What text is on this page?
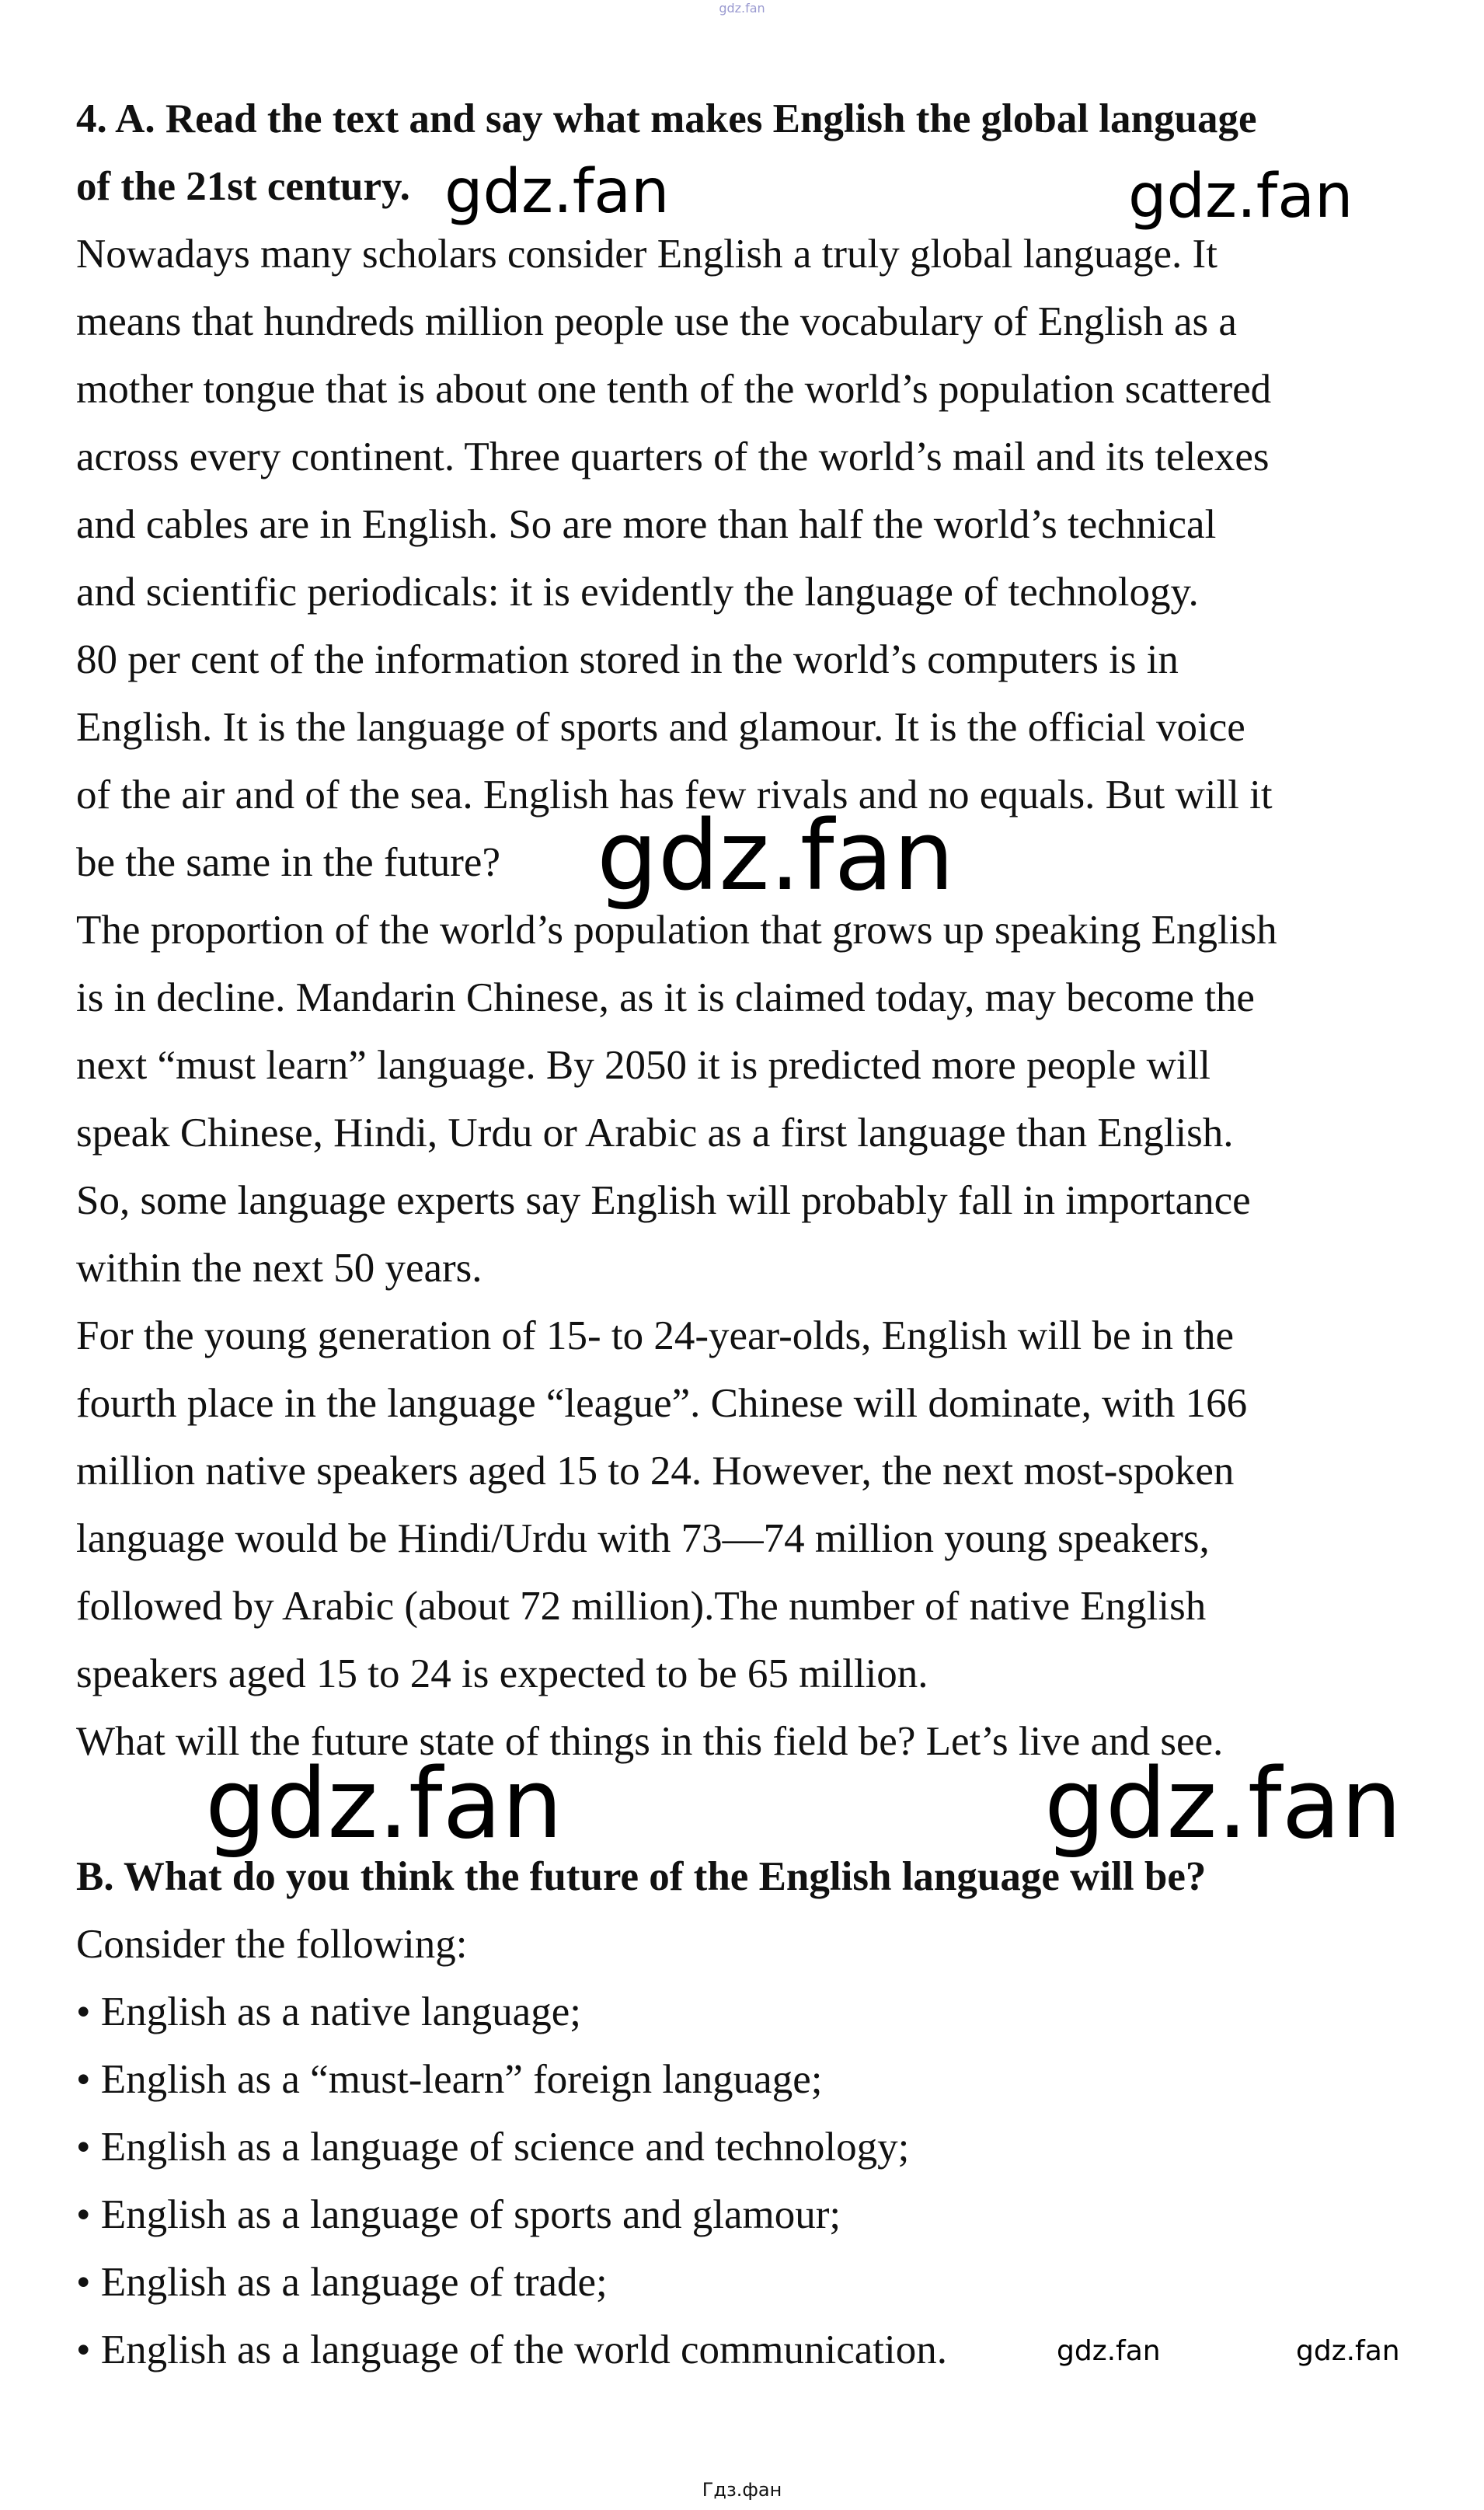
gdz.fan
4. A. Read the text and say what makes English the global language
of the 21st century.
Nowadays many scholars consider English a truly global language. It
means that hundreds million people use the vocabulary of English as a
mother tongue that is about one tenth of the world’s population scattered
across every continent. Three quarters of the world’s mail and its telexes
and cables are in English. So are more than half the world’s technical
and scientific periodicals: it is evidently the language of technology.
80 per cent of the information stored in the world’s computers is in
English. It is the language of sports and glamour. It is the official voice
of the air and of the sea. English has few rivals and no equals. But will it
be the same in the future?
The proportion of the world’s population that grows up speaking English
is in decline. Mandarin Chinese, as it is claimed today, may become the
next “must learn” language. By 2050 it is predicted more people will
speak Chinese, Hindi, Urdu or Arabic as a first language than English.
So, some language experts say English will probably fall in importance
within the next 50 years.
For the young generation of 15- to 24-year-olds, English will be in the
fourth place in the language “league”. Chinese will dominate, with 166
million native speakers aged 15 to 24. However, the next most-spoken
language would be Hindi/Urdu with 73—74 million young speakers,
followed by Arabic (about 72 million).The number of native English
speakers aged 15 to 24 is expected to be 65 million.
What will the future state of things in this field be? Let’s live and see.
B. What do you think the future of the English language will be?
Consider the following:
• English as a native language;
• English as a “must-learn” foreign language;
• English as a language of science and technology;
• English as a language of sports and glamour;
• English as a language of trade;
• English as a language of the world communication.
gdz.fan	gdz.fan
gdz.fan
gdz.fan	gdz.fan
gdz.fan	gdz.fan
Гдз.фан
